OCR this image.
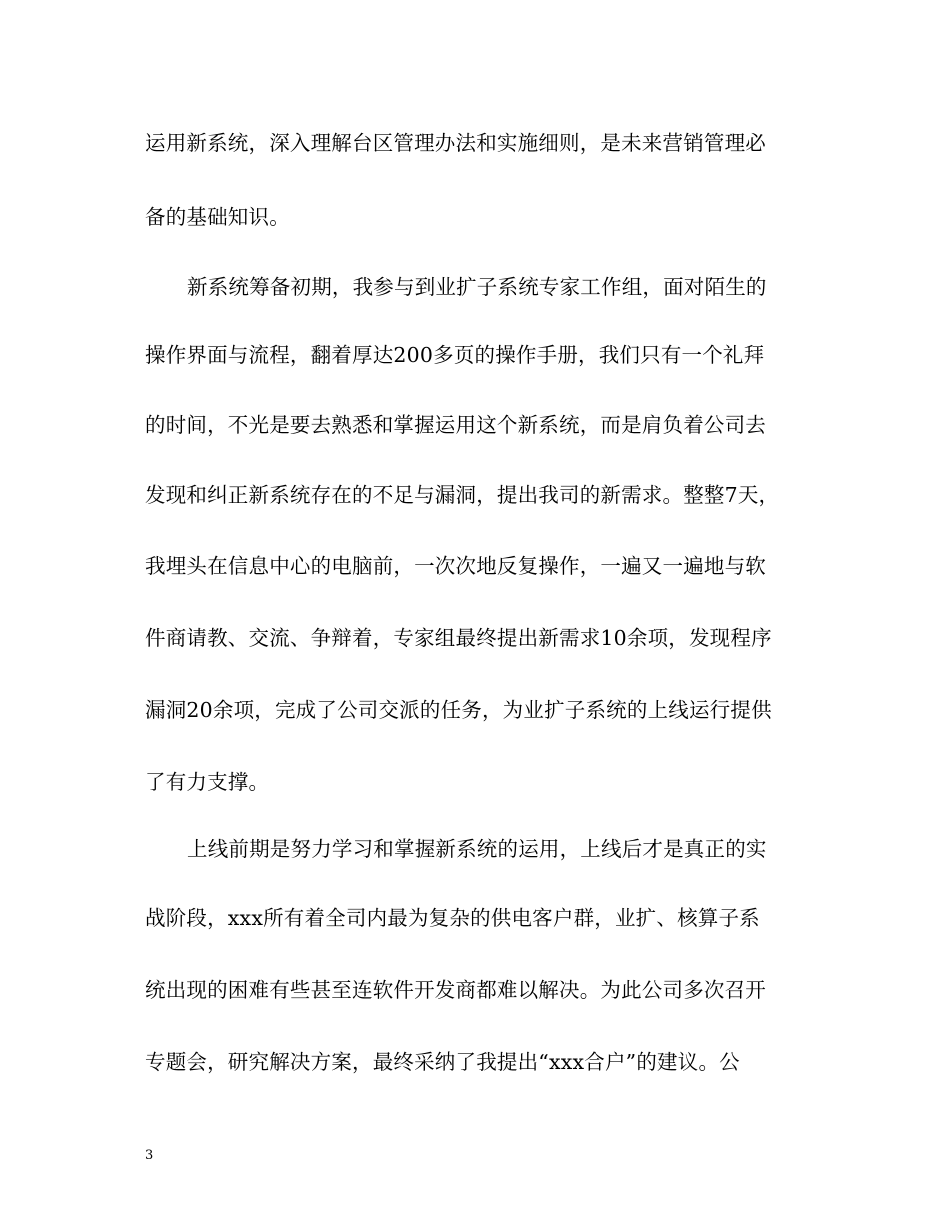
运用新系统，深入理解台区管理办法和实施细则，是未来营销管理必
备的基础知识。
新系统筹备初期，我参与到业扩子系统专家工作组，面对陌生的
操作界面与流程，翻着厚达200多页的操作手册，我们只有一个礼拜
的时间，不光是要去熟悉和掌握运用这个新系统，而是肩负着公司去
发现和纠正新系统存在的不足与漏洞，提出我司的新需求。整整7天，
我埋头在信息中心的电脑前，一次次地反复操作，一遍又一遍地与软
件商请教、交流、争辩着，专家组最终提出新需求10余项，发现程序
漏洞20余项，完成了公司交派的任务，为业扩子系统的上线运行提供
了有力支撑。
上线前期是努力学习和掌握新系统的运用，上线后才是真正的实
战阶段，xxx所有着全司内最为复杂的供电客户群，业扩、核算子系
统出现的困难有些甚至连软件开发商都难以解决。为此公司多次召开
专题会，研究解决方案，最终采纳了我提出“xxx合户”的建议。公
3
